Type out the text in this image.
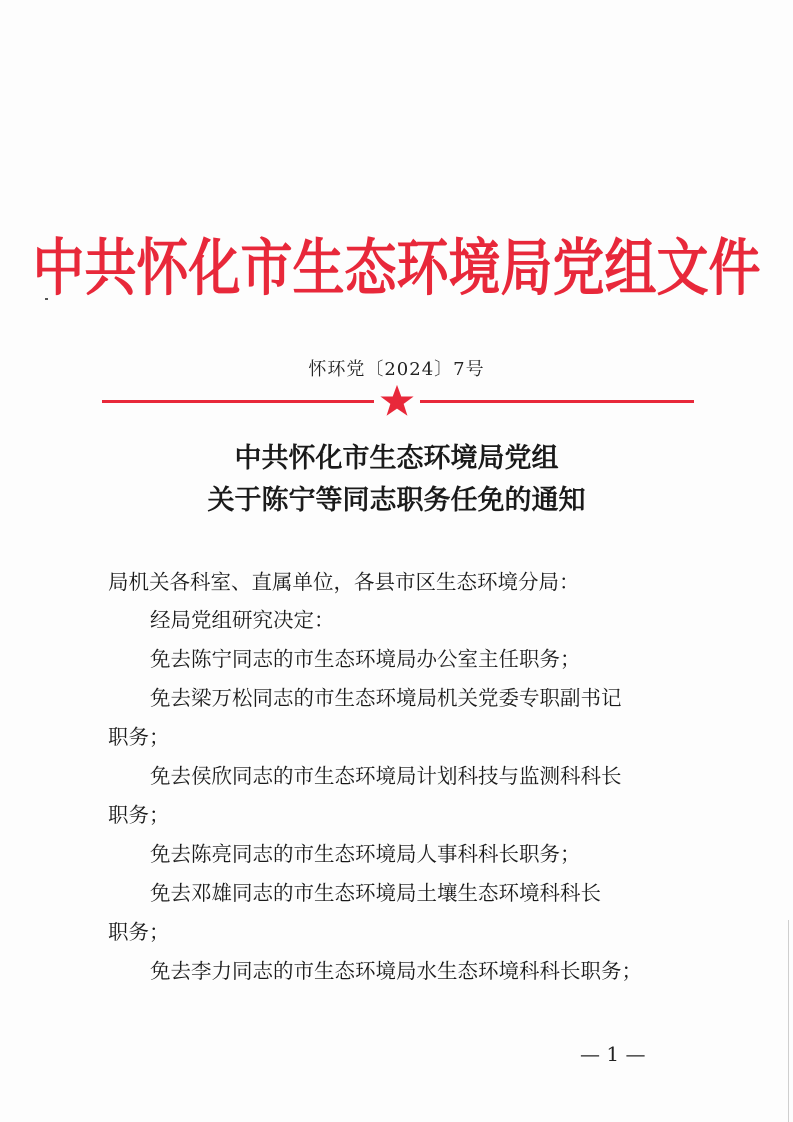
中共怀化市生态环境局党组文件
怀环党〔2024〕7号
中共怀化市生态环境局党组
关于陈宁等同志职务任免的通知
局机关各科室、直属单位，各县市区生态环境分局：
经局党组研究决定：
免去陈宁同志的市生态环境局办公室主任职务；
免去梁万松同志的市生态环境局机关党委专职副书记
职务；
免去侯欣同志的市生态环境局计划科技与监测科科长
职务；
免去陈亮同志的市生态环境局人事科科长职务；
免去邓雄同志的市生态环境局土壤生态环境科科长
职务；
免去李力同志的市生态环境局水生态环境科科长职务；
— 1 —
